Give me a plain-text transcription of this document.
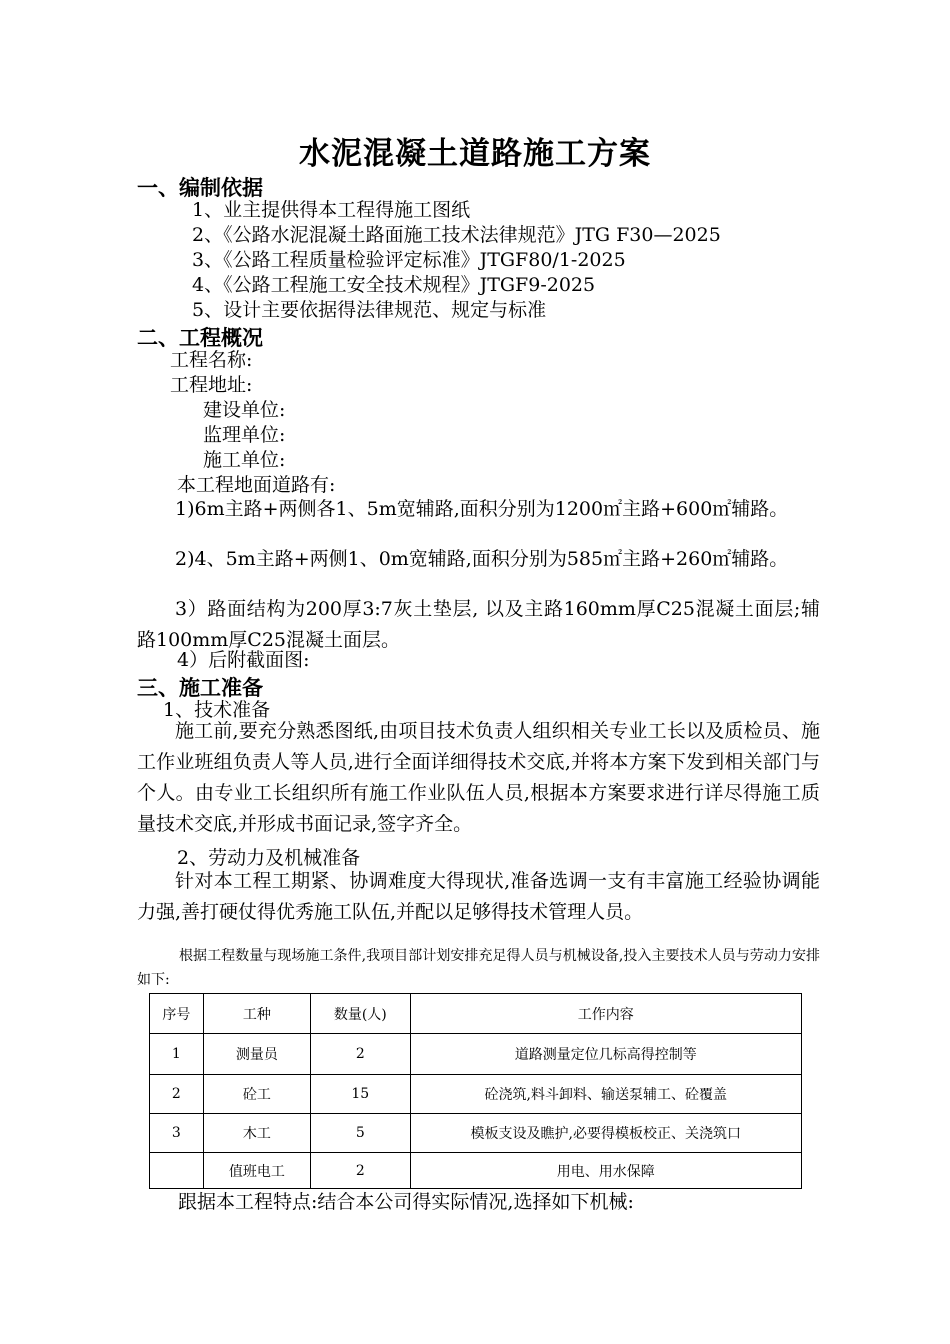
水泥混凝土道路施工方案
一、编制依据
1、业主提供得本工程得施工图纸
2、《公路水泥混凝土路面施工技术法律规范》JTG F30—2025
3、《公路工程质量检验评定标准》JTGF80/1-2025
4、《公路工程施工安全技术规程》JTGF9-2025
5、设计主要依据得法律规范、规定与标准
二、工程概况
工程名称:
工程地址:
建设单位:
监理单位:
施工单位:
本工程地面道路有:
1)6m主路+两侧各1、5m宽辅路,面积分别为1200㎡主路+600㎡辅路。
2)4、5m主路+两侧1、0m宽辅路,面积分别为585㎡主路+260㎡辅路。
3）路面结构为200厚3:7灰土垫层, 以及主路160mm厚C25混凝土面层;辅路100mm厚C25混凝土面层。
4）后附截面图:
三、施工准备
1、技术准备
施工前,要充分熟悉图纸,由项目技术负责人组织相关专业工长以及质检员、施工作业班组负责人等人员,进行全面详细得技术交底,并将本方案下发到相关部门与个人。由专业工长组织所有施工作业队伍人员,根据本方案要求进行详尽得施工质量技术交底,并形成书面记录,签字齐全。
2、劳动力及机械准备
针对本工程工期紧、协调难度大得现状,准备选调一支有丰富施工经验协调能力强,善打硬仗得优秀施工队伍,并配以足够得技术管理人员。
根据工程数量与现场施工条件,我项目部计划安排充足得人员与机械设备,投入主要技术人员与劳动力安排如下:
序号	工种	数量(人)	工作内容
1	测量员	2	道路测量定位几标高得控制等
2	砼工	15	砼浇筑,料斗卸料、输送泵辅工、砼覆盖
3	木工	5	模板支设及瞧护,必要得模板校正、关浇筑口
	值班电工	2	用电、用水保障
跟据本工程特点:结合本公司得实际情况,选择如下机械:
